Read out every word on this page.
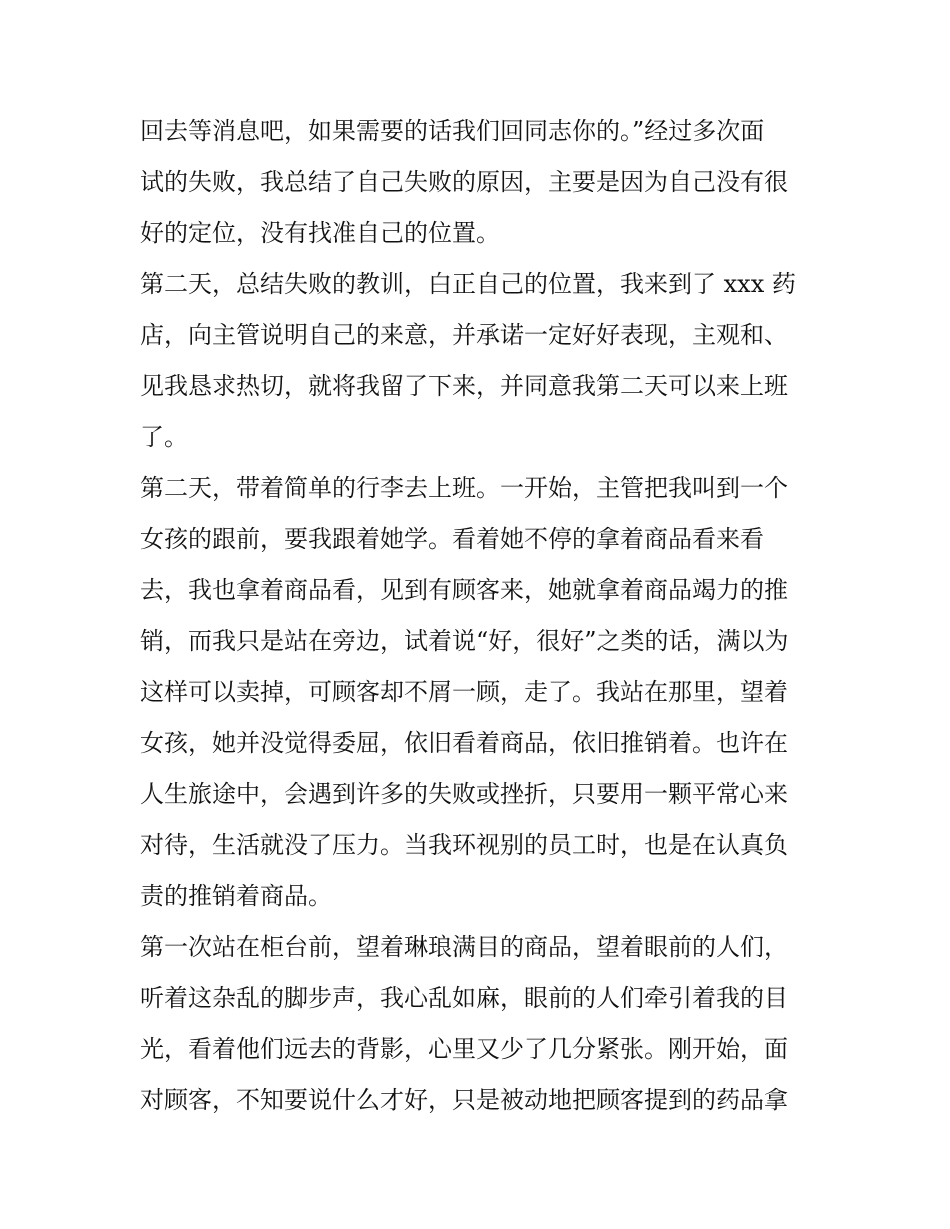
回去等消息吧，如果需要的话我们回同志你的。”经过多次面
试的失败，我总结了自己失败的原因，主要是因为自己没有很
好的定位，没有找准自己的位置。
第二天，总结失败的教训，白正自己的位置，我来到了 xxx 药
店，向主管说明自己的来意，并承诺一定好好表现，主观和、
见我恳求热切，就将我留了下来，并同意我第二天可以来上班
了。
第二天，带着简单的行李去上班。一开始，主管把我叫到一个
女孩的跟前，要我跟着她学。看着她不停的拿着商品看来看
去，我也拿着商品看，见到有顾客来，她就拿着商品竭力的推
销，而我只是站在旁边，试着说“好，很好”之类的话，满以为
这样可以卖掉，可顾客却不屑一顾，走了。我站在那里，望着
女孩，她并没觉得委屈，依旧看着商品，依旧推销着。也许在
人生旅途中，会遇到许多的失败或挫折，只要用一颗平常心来
对待，生活就没了压力。当我环视别的员工时，也是在认真负
责的推销着商品。
第一次站在柜台前，望着琳琅满目的商品，望着眼前的人们，
听着这杂乱的脚步声，我心乱如麻，眼前的人们牵引着我的目
光，看着他们远去的背影，心里又少了几分紧张。刚开始，面
对顾客，不知要说什么才好，只是被动地把顾客提到的药品拿
